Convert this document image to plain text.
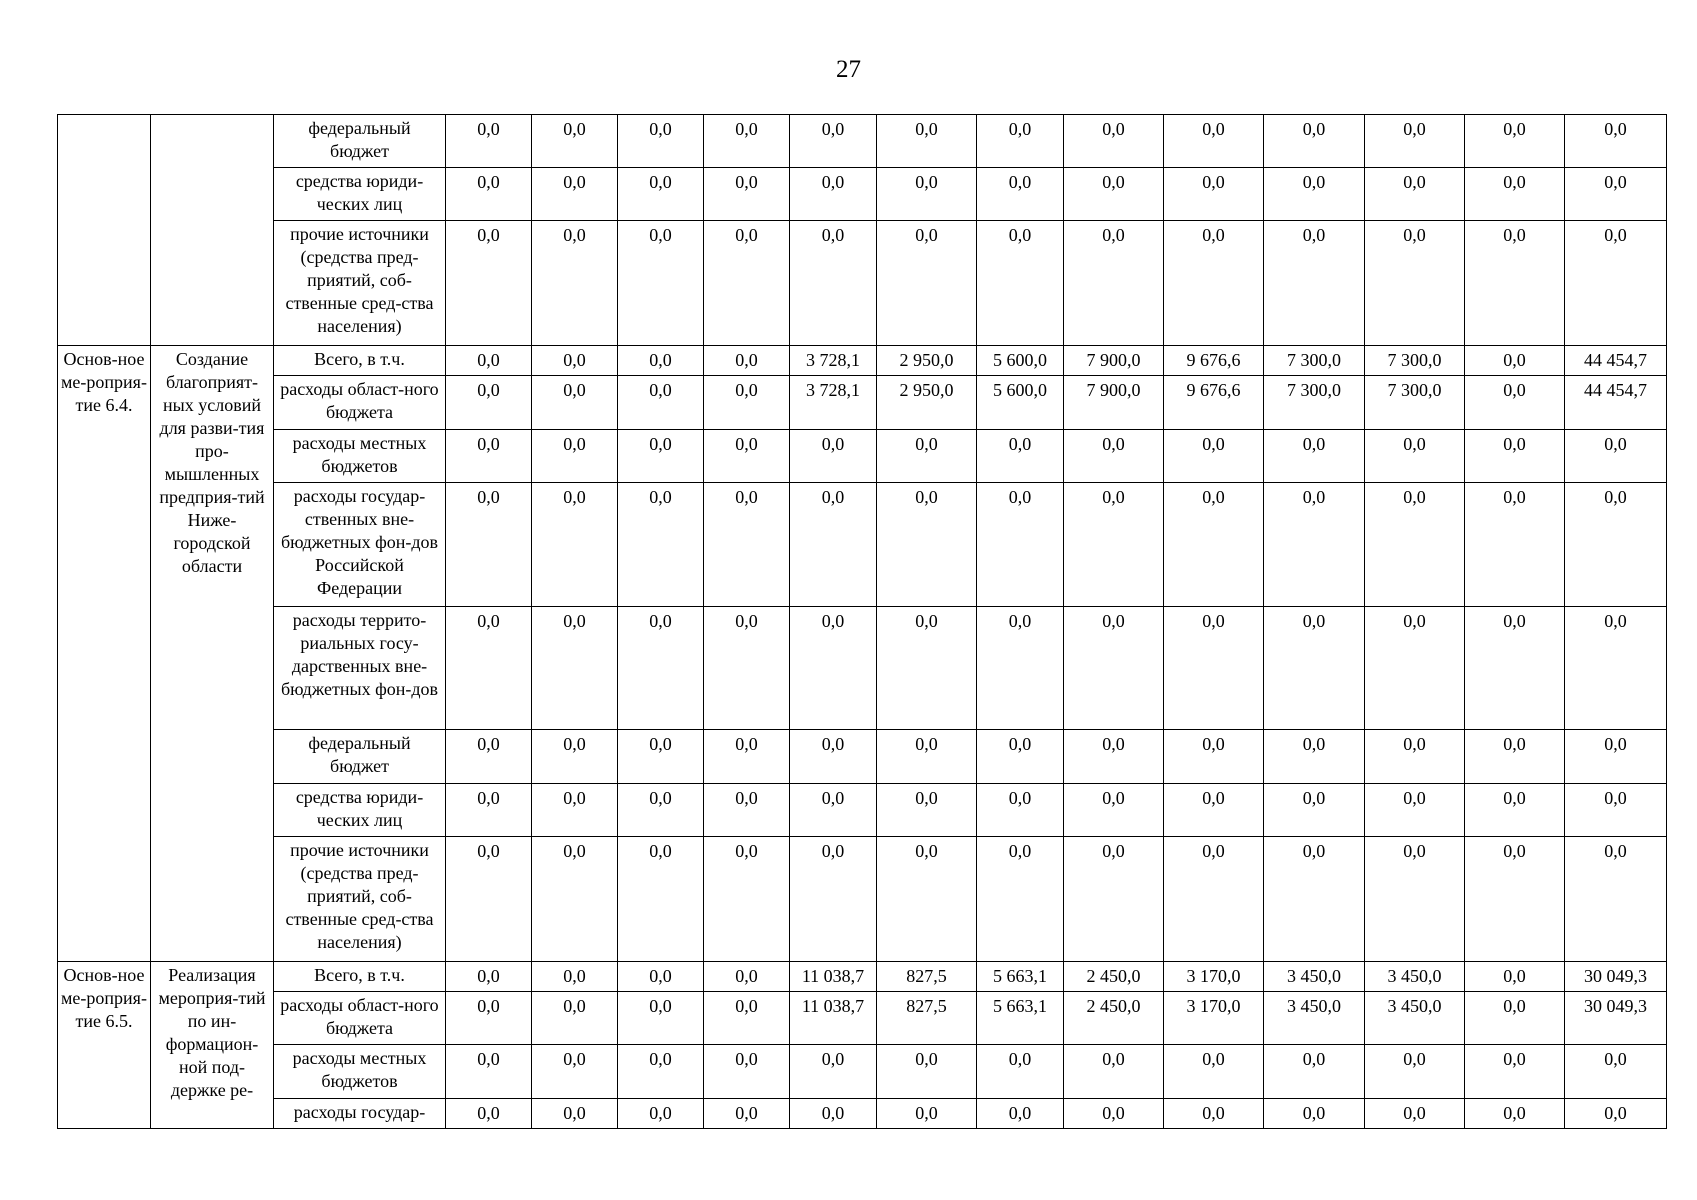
27
		федеральный бюджет	0,0	0,0	0,0	0,0	0,0	0,0	0,0	0,0	0,0	0,0	0,0	0,0	0,0
		средства юриди-ческих лиц	0,0	0,0	0,0	0,0	0,0	0,0	0,0	0,0	0,0	0,0	0,0	0,0	0,0
		прочие источники (средства пред-приятий, соб-ственные сред-ства населения)	0,0	0,0	0,0	0,0	0,0	0,0	0,0	0,0	0,0	0,0	0,0	0,0	0,0
Основ-ное ме-роприя-тие 6.4.	Создание благоприят-ных условий для разви-тия про-мышленных предприя-тий Ниже-городской области	Всего, в т.ч.	0,0	0,0	0,0	0,0	3 728,1	2 950,0	5 600,0	7 900,0	9 676,6	7 300,0	7 300,0	0,0	44 454,7
		расходы област-ного бюджета	0,0	0,0	0,0	0,0	3 728,1	2 950,0	5 600,0	7 900,0	9 676,6	7 300,0	7 300,0	0,0	44 454,7
		расходы местных бюджетов	0,0	0,0	0,0	0,0	0,0	0,0	0,0	0,0	0,0	0,0	0,0	0,0	0,0
		расходы государ-ственных вне-бюджетных фон-дов Российской Федерации	0,0	0,0	0,0	0,0	0,0	0,0	0,0	0,0	0,0	0,0	0,0	0,0	0,0
		расходы террито-риальных госу-дарственных вне-бюджетных фон-дов	0,0	0,0	0,0	0,0	0,0	0,0	0,0	0,0	0,0	0,0	0,0	0,0	0,0
		федеральный бюджет	0,0	0,0	0,0	0,0	0,0	0,0	0,0	0,0	0,0	0,0	0,0	0,0	0,0
		средства юриди-ческих лиц	0,0	0,0	0,0	0,0	0,0	0,0	0,0	0,0	0,0	0,0	0,0	0,0	0,0
		прочие источники (средства пред-приятий, соб-ственные сред-ства населения)	0,0	0,0	0,0	0,0	0,0	0,0	0,0	0,0	0,0	0,0	0,0	0,0	0,0
Основ-ное ме-роприя-тие 6.5.	Реализация мероприя-тий по ин-формацион-ной под-держке ре-	Всего, в т.ч.	0,0	0,0	0,0	0,0	11 038,7	827,5	5 663,1	2 450,0	3 170,0	3 450,0	3 450,0	0,0	30 049,3
		расходы област-ного бюджета	0,0	0,0	0,0	0,0	11 038,7	827,5	5 663,1	2 450,0	3 170,0	3 450,0	3 450,0	0,0	30 049,3
		расходы местных бюджетов	0,0	0,0	0,0	0,0	0,0	0,0	0,0	0,0	0,0	0,0	0,0	0,0	0,0
		расходы государ-	0,0	0,0	0,0	0,0	0,0	0,0	0,0	0,0	0,0	0,0	0,0	0,0	0,0
